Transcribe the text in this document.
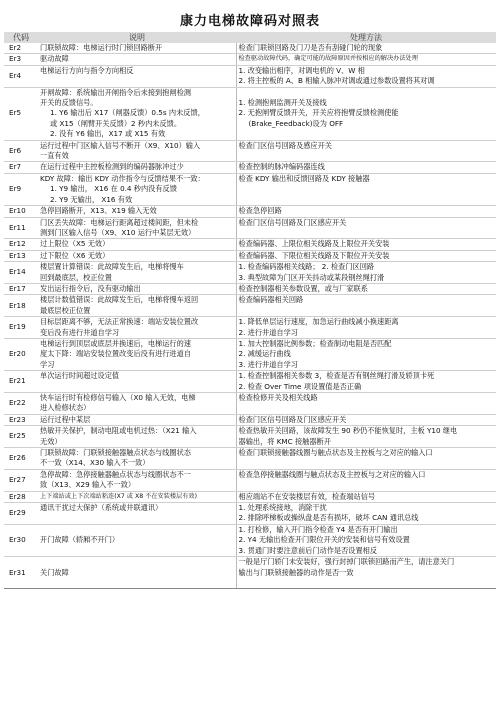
康力电梯故障码对照表
代码	说明	处理方法
Er2	门联锁故障：电梯运行时门锁回路断开	检查门联锁回路及门刀是否有刮碰门轮的现象

Er3	驱动故障	检查驱动故障代码，确定可能的故障原因并按相应的解决办法处理

Er4	电梯运行方向与指令方向相反	1. 改变输出相序，对调电机的 V、W 相
2. 将主控板的 A、B 相输入脉冲对调或通过参数设置将其对调

Er5	开闸故障：系统输出开闸指令后未接到抱闸检测
开关的反馈信号。
1. Y6 输出后 X17（闸器反馈）0.5s 内未反馈，
或 X15（闸臂开关反馈）2 秒内未反馈。
2. 没有 Y6 输出，X17 或 X15 有效	1. 检测抱闸监测开关及接线
2. 无抱闸臂反馈开关，开关应将抱臂反馈检测使能
(Brake_Feedback)设为 OFF

Er6	运行过程中门区输入信号不断开（X9、X10）输入
一直有效	检查门区信号回路及感应开关

Er7	在运行过程中主控板检测到的编码器脉冲过少	检查控制的脉冲编码器连线

Er9	KDY 故障：输出 KDY 动作指令与反馈结果不一致：
1. Y9 输出， X16 在 0.4 秒内没有反馈
2. Y9 无输出， X16 有效	检查 KDY 输出和反馈回路及 KDY 接触器

Er10	急停回路断开，X13、X19 输入无效	检查急停回路

Er11	门区丢失故障：电梯运行距离超过楼间距，但未检
测到门区输入信号（X9、X10 运行中某层无效）	检查门区信号回路及门区感应开关

Er12	过上限位（X5 无效）	检查编码器、上限位相关线路及上限位开关安装

Er13	过下限位（X6 无效）	检查编码器、下限位相关线路及下限位开关安装

Er14	楼层置计算错误：此故障发生后，电梯将慢车
回到最底层，校正位置	1. 检查编码器相关线路； 2. 检查门区回路
3. 典型故障为门区开关抖动或某段钢丝绳打滑

Er17	发出运行指令后，没有驱动输出	检查控制器相关参数设置，或与厂家联系

Er18	楼层计数值错误：此故障发生后，电梯将慢车返回
最底层校正位置	检查编码器相关回路

Er19	目标层距离不够，无法正常换速：端站安装位置改
变后没有进行井道自学习	1. 降低单层运行速度，加急运行曲线减小换速距离
2. 进行井道自学习

Er20	电梯运行到顶层或底层并换速后，电梯运行的速
度太下降：端站安装位置改变后没有进行进道自
学习	1. 加大控制器比例参数；检查制动电阻是否匹配
2. 减缓运行曲线
3. 进行井道自学习

Er21	单次运行时间超过设定值	1. 检查控制器相关参数 3，检查是否有钢丝绳打滑及轿顶卡死
2. 检查 Over Time 项设置值是否正确

Er22	快车运行时有检修信号输入（X0 输入无效，电梯
进入检修状态）	检查检修开关及相关线路

Er23	运行过程中某层	检查门区信号回路及门区感应开关

Er25	热敏开关保护，制动电阻或电机过热：（X21 输入
无效）	检查热敏开关回路，该故障发生 90 秒仍不能恢复时，主板 Y10 继电
器输出，将 KMC 接触器断开

Er26	门联锁故障：门联锁接触器触点状态与线圈状态
不一致（X14、X30 输入不一致）	检查门联锁接触器线圈与触点状态及主控板与之对应的输入口

Er27	急停故障：急停接触器触点状态与线圈状态不一
致（X13、X29 输入不一致）	检查急停接触器线圈与触点状态及主控板与之对应的输入口

Er28	上下端站或上下次端站粘连(X7 或 X8 不在安装楼层有效)	相应端站不在安装楼层有效，检查端站信号

Er29	通讯干扰过大保护（系统或井联通讯）	1. 处理系统接地，消除干扰
2. 排除呼梯板或操纵盘是否有损坏，破坏 CAN 通讯总线

Er30	开门故障（轿厢不开门）	1. 打检修，输入开门指令检查 Y4 是否有开门输出
2. Y4 无输出检查开门限位开关的安装和信号有效设置
3. 贯通门时要注意前后门动作是否设置相反

Er31	关门故障	一般是厅门轿门未安装好，强行封掉门联锁回路而产生，请注意关门
输出与门联锁接触器的动作是否一致
